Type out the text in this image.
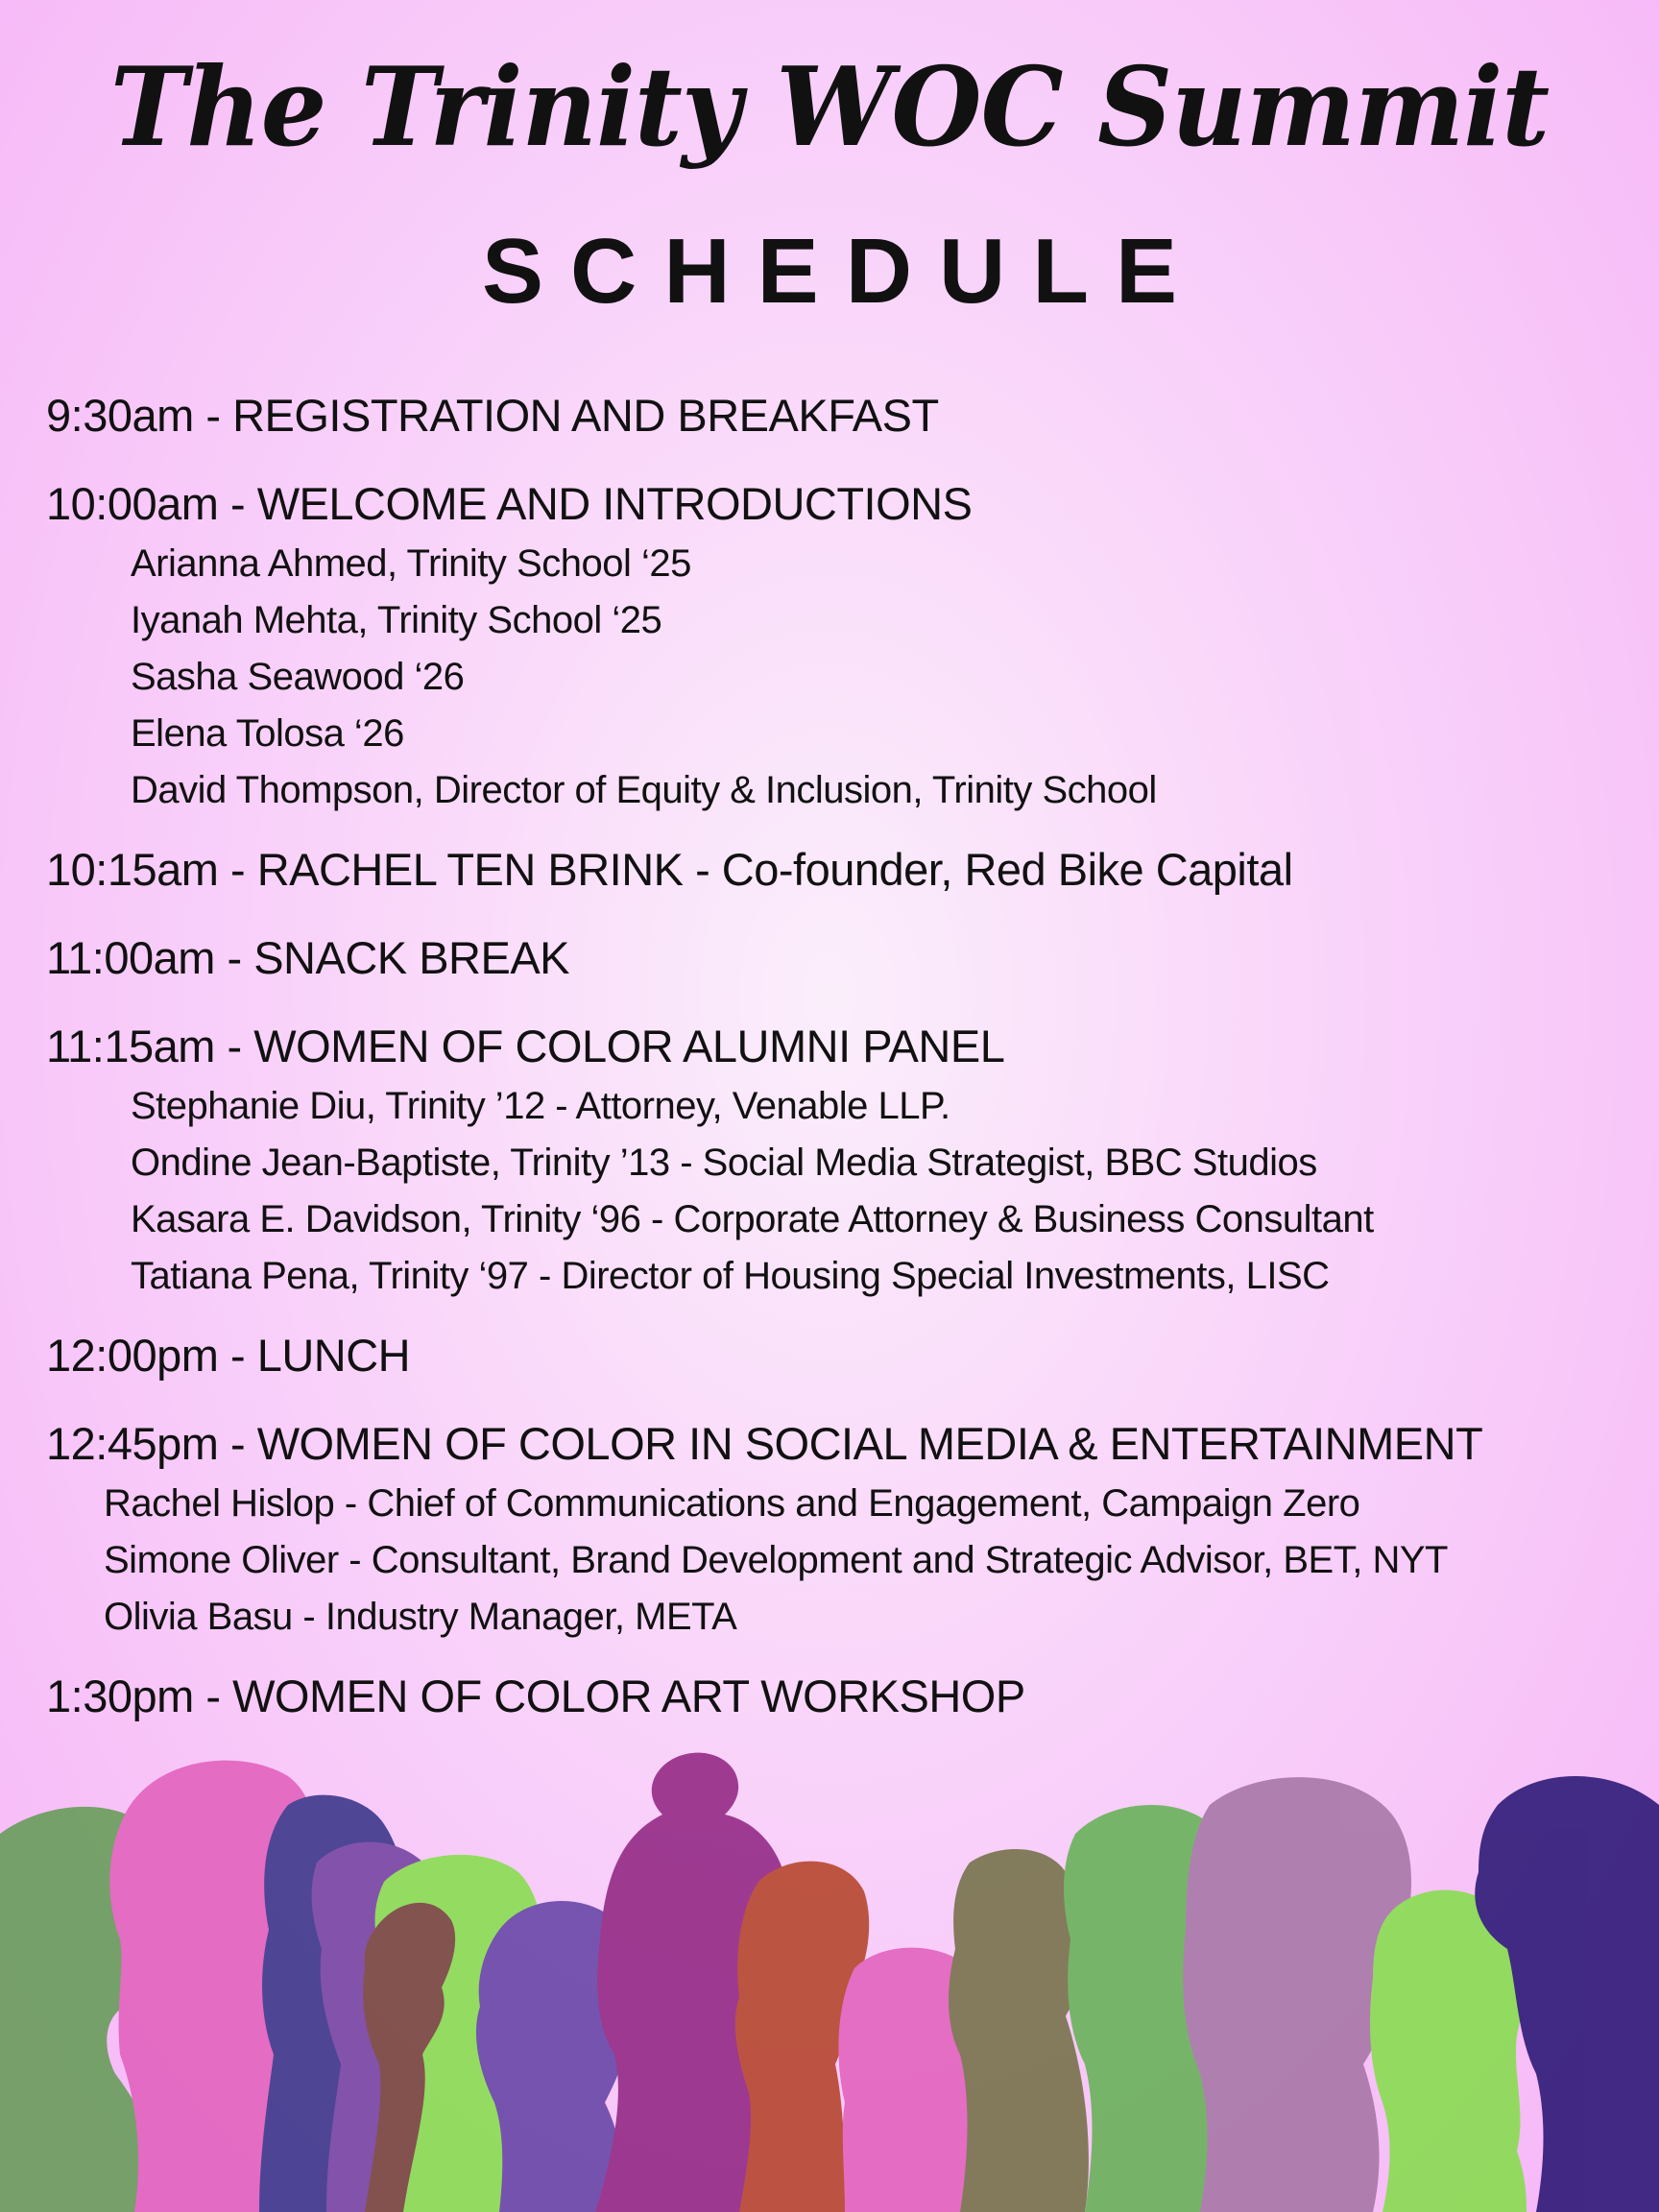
The Trinity WOC Summit
SCHEDULE
9:30am - REGISTRATION AND BREAKFAST
10:00am - WELCOME AND INTRODUCTIONS
Arianna Ahmed, Trinity School ‘25
Iyanah Mehta, Trinity School ‘25
Sasha Seawood ‘26
Elena Tolosa ‘26
David Thompson, Director of Equity & Inclusion, Trinity School
10:15am - RACHEL TEN BRINK - Co-founder, Red Bike Capital
11:00am - SNACK BREAK
11:15am - WOMEN OF COLOR ALUMNI PANEL
Stephanie Diu, Trinity ’12 - Attorney, Venable LLP.
Ondine Jean-Baptiste, Trinity ’13 - Social Media Strategist, BBC Studios
Kasara E. Davidson, Trinity ‘96 - Corporate Attorney & Business Consultant
Tatiana Pena, Trinity ‘97 - Director of Housing Special Investments, LISC
12:00pm - LUNCH
12:45pm - WOMEN OF COLOR IN SOCIAL MEDIA & ENTERTAINMENT
Rachel Hislop - Chief of Communications and Engagement, Campaign Zero
Simone Oliver - Consultant, Brand Development and Strategic Advisor, BET, NYT
Olivia Basu - Industry Manager, META
1:30pm - WOMEN OF COLOR ART WORKSHOP
